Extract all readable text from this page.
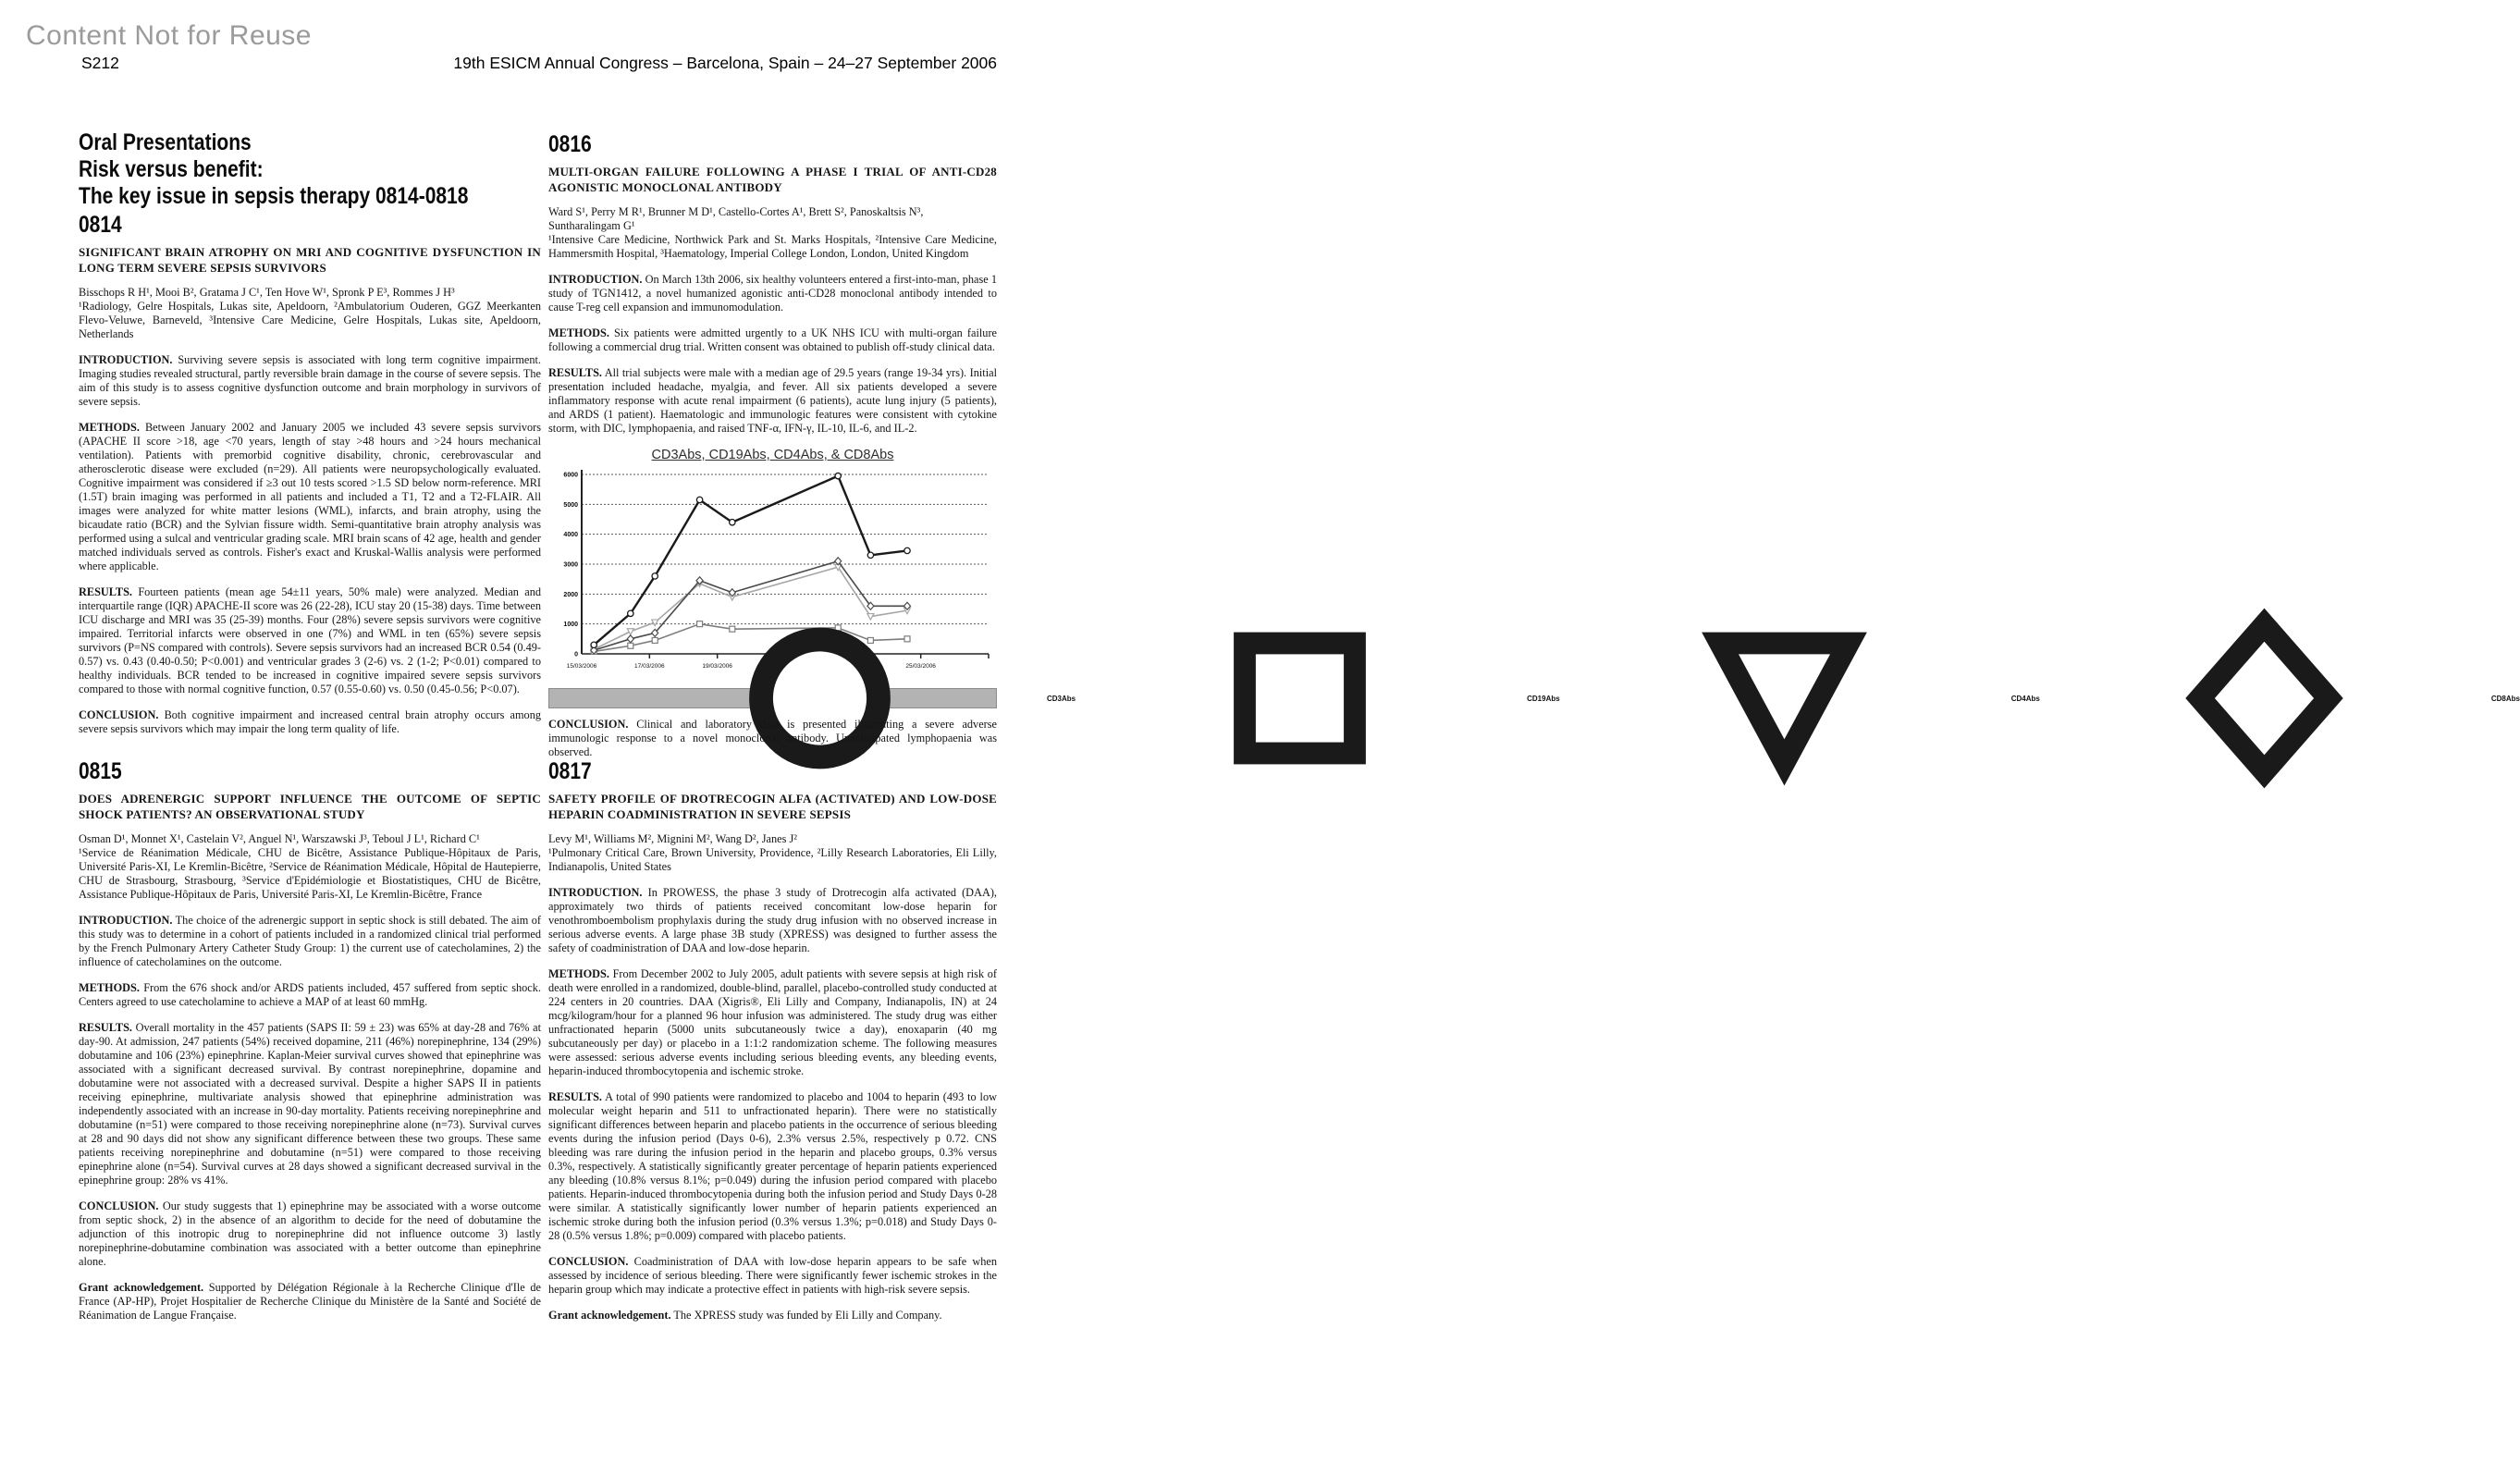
Content Not for Reuse
S212	19th ESICM Annual Congress – Barcelona, Spain – 24–27 September 2006
Oral Presentations
Risk versus benefit:
The key issue in sepsis therapy 0814-0818
0814
SIGNIFICANT BRAIN ATROPHY ON MRI AND COGNITIVE DYSFUNCTION IN LONG TERM SEVERE SEPSIS SURVIVORS

Bisschops R H¹, Mooi B², Gratama J C¹, Ten Hove W¹, Spronk P E³, Rommes J H³

¹Radiology, Gelre Hospitals, Lukas site, Apeldoorn, ²Ambulatorium Ouderen, GGZ Meerkanten Flevo-Veluwe, Barneveld, ³Intensive Care Medicine, Gelre Hospitals, Lukas site, Apeldoorn, Netherlands

INTRODUCTION. Surviving severe sepsis is associated with long term cognitive impairment. Imaging studies revealed structural, partly reversible brain damage in the course of severe sepsis. The aim of this study is to assess cognitive dysfunction outcome and brain morphology in survivors of severe sepsis.

METHODS. Between January 2002 and January 2005 we included 43 severe sepsis survivors (APACHE II score >18, age <70 years, length of stay >48 hours and >24 hours mechanical ventilation). Patients with premorbid cognitive disability, chronic, cerebrovascular and atherosclerotic disease were excluded (n=29). All patients were neuropsychologically evaluated. Cognitive impairment was considered if ≥3 out 10 tests scored >1.5 SD below norm-reference. MRI (1.5T) brain imaging was performed in all patients and included a T1, T2 and a T2-FLAIR. All images were analyzed for white matter lesions (WML), infarcts, and brain atrophy, using the bicaudate ratio (BCR) and the Sylvian fissure width. Semi-quantitative brain atrophy analysis was performed using a sulcal and ventricular grading scale. MRI brain scans of 42 age, health and gender matched individuals served as controls. Fisher's exact and Kruskal-Wallis analysis were performed where applicable.

RESULTS. Fourteen patients (mean age 54±11 years, 50% male) were analyzed. Median and interquartile range (IQR) APACHE-II score was 26 (22-28), ICU stay 20 (15-38) days. Time between ICU discharge and MRI was 35 (25-39) months. Four (28%) severe sepsis survivors were cognitive impaired. Territorial infarcts were observed in one (7%) and WML in ten (65%) severe sepsis survivors (P=NS compared with controls). Severe sepsis survivors had an increased BCR 0.54 (0.49-0.57) vs. 0.43 (0.40-0.50; P<0.001) and ventricular grades 3 (2-6) vs. 2 (1-2; P<0.01) compared to healthy individuals. BCR tended to be increased in cognitive impaired severe sepsis survivors compared to those with normal cognitive function, 0.57 (0.55-0.60) vs. 0.50 (0.45-0.56; P<0.07).

CONCLUSION. Both cognitive impairment and increased central brain atrophy occurs among severe sepsis survivors which may impair the long term quality of life.

0816
MULTI-ORGAN FAILURE FOLLOWING A PHASE I TRIAL OF ANTI-CD28 AGONISTIC MONOCLONAL ANTIBODY

Ward S¹, Perry M R¹, Brunner M D¹, Castello-Cortes A¹, Brett S², Panoskaltsis N³, Suntharalingam G¹

¹Intensive Care Medicine, Northwick Park and St. Marks Hospitals, ²Intensive Care Medicine, Hammersmith Hospital, ³Haematology, Imperial College London, London, United Kingdom

INTRODUCTION. On March 13th 2006, six healthy volunteers entered a first-into-man, phase 1 study of TGN1412, a novel humanized agonistic anti-CD28 monoclonal antibody intended to cause T-reg cell expansion and immunomodulation.

METHODS. Six patients were admitted urgently to a UK NHS ICU with multi-organ failure following a commercial drug trial. Written consent was obtained to publish off-study clinical data.

RESULTS. All trial subjects were male with a median age of 29.5 years (range 19-34 yrs). Initial presentation included headache, myalgia, and fever. All six patients developed a severe inflammatory response with acute renal impairment (6 patients), acute lung injury (5 patients), and ARDS (1 patient). Haematologic and immunologic features were consistent with cytokine storm, with DIC, lymphopaenia, and raised TNF-α, IFN-γ, IL-10, IL-6, and IL-2.

CD3Abs, CD19Abs, CD4Abs, & CD8Abs
0
1000
2000
3000
4000
5000
6000
15/03/2006	17/03/2006	19/03/2006	25/03/2006
CD3Abs	CD19Abs	CD4Abs	CD8Abs

CONCLUSION. Clinical and laboratory data is presented illustrating a severe adverse immunologic response to a novel monoclonal antibody. Unanticipated lymphopaenia was observed.

0815
DOES ADRENERGIC SUPPORT INFLUENCE THE OUTCOME OF SEPTIC SHOCK PATIENTS? AN OBSERVATIONAL STUDY

Osman D¹, Monnet X¹, Castelain V², Anguel N¹, Warszawski J³, Teboul J L¹, Richard C¹

¹Service de Réanimation Médicale, CHU de Bicêtre, Assistance Publique-Hôpitaux de Paris, Université Paris-XI, Le Kremlin-Bicêtre, ²Service de Réanimation Médicale, Hôpital de Hautepierre, CHU de Strasbourg, Strasbourg, ³Service d'Epidémiologie et Biostatistiques, CHU de Bicêtre, Assistance Publique-Hôpitaux de Paris, Université Paris-XI, Le Kremlin-Bicêtre, France

INTRODUCTION. The choice of the adrenergic support in septic shock is still debated. The aim of this study was to determine in a cohort of patients included in a randomized clinical trial performed by the French Pulmonary Artery Catheter Study Group: 1) the current use of catecholamines, 2) the influence of catecholamines on the outcome.

METHODS. From the 676 shock and/or ARDS patients included, 457 suffered from septic shock. Centers agreed to use catecholamine to achieve a MAP of at least 60 mmHg.

RESULTS. Overall mortality in the 457 patients (SAPS II: 59 ± 23) was 65% at day-28 and 76% at day-90. At admission, 247 patients (54%) received dopamine, 211 (46%) norepinephrine, 134 (29%) dobutamine and 106 (23%) epinephrine. Kaplan-Meier survival curves showed that epinephrine was associated with a significant decreased survival. By contrast norepinephrine, dopamine and dobutamine were not associated with a decreased survival. Despite a higher SAPS II in patients receiving epinephrine, multivariate analysis showed that epinephrine administration was independently associated with an increase in 90-day mortality. Patients receiving norepinephrine and dobutamine (n=51) were compared to those receiving norepinephrine alone (n=73). Survival curves at 28 and 90 days did not show any significant difference between these two groups. These same patients receiving norepinephrine and dobutamine (n=51) were compared to those receiving epinephrine alone (n=54). Survival curves at 28 days showed a significant decreased survival in the epinephrine group: 28% vs 41%.

CONCLUSION. Our study suggests that 1) epinephrine may be associated with a worse outcome from septic shock, 2) in the absence of an algorithm to decide for the need of dobutamine the adjunction of this inotropic drug to norepinephrine did not influence outcome 3) lastly norepinephrine-dobutamine combination was associated with a better outcome than epinephrine alone.

Grant acknowledgement. Supported by Délégation Régionale à la Recherche Clinique d'Ile de France (AP-HP), Projet Hospitalier de Recherche Clinique du Ministère de la Santé and Société de Réanimation de Langue Française.

0817
SAFETY PROFILE OF DROTRECOGIN ALFA (ACTIVATED) AND LOW-DOSE HEPARIN COADMINISTRATION IN SEVERE SEPSIS

Levy M¹, Williams M², Mignini M², Wang D², Janes J²

¹Pulmonary Critical Care, Brown University, Providence, ²Lilly Research Laboratories, Eli Lilly, Indianapolis, United States

INTRODUCTION. In PROWESS, the phase 3 study of Drotrecogin alfa activated (DAA), approximately two thirds of patients received concomitant low-dose heparin for venothromboembolism prophylaxis during the study drug infusion with no observed increase in serious adverse events. A large phase 3B study (XPRESS) was designed to further assess the safety of coadministration of DAA and low-dose heparin.

METHODS. From December 2002 to July 2005, adult patients with severe sepsis at high risk of death were enrolled in a randomized, double-blind, parallel, placebo-controlled study conducted at 224 centers in 20 countries. DAA (Xigris®, Eli Lilly and Company, Indianapolis, IN) at 24 mcg/kilogram/hour for a planned 96 hour infusion was administered. The study drug was either unfractionated heparin (5000 units subcutaneously twice a day), enoxaparin (40 mg subcutaneously per day) or placebo in a 1:1:2 randomization scheme. The following measures were assessed: serious adverse events including serious bleeding events, any bleeding events, heparin-induced thrombocytopenia and ischemic stroke.

RESULTS. A total of 990 patients were randomized to placebo and 1004 to heparin (493 to low molecular weight heparin and 511 to unfractionated heparin). There were no statistically significant differences between heparin and placebo patients in the occurrence of serious bleeding events during the infusion period (Days 0-6), 2.3% versus 2.5%, respectively p 0.72. CNS bleeding was rare during the infusion period in the heparin and placebo groups, 0.3% versus 0.3%, respectively. A statistically significantly greater percentage of heparin patients experienced any bleeding (10.8% versus 8.1%; p=0.049) during the infusion period compared with placebo patients. Heparin-induced thrombocytopenia during both the infusion period and Study Days 0-28 were similar. A statistically significantly lower number of heparin patients experienced an ischemic stroke during both the infusion period (0.3% versus 1.3%; p=0.018) and Study Days 0-28 (0.5% versus 1.8%; p=0.009) compared with placebo patients.

CONCLUSION. Coadministration of DAA with low-dose heparin appears to be safe when assessed by incidence of serious bleeding. There were significantly fewer ischemic strokes in the heparin group which may indicate a protective effect in patients with high-risk severe sepsis.

Grant acknowledgement. The XPRESS study was funded by Eli Lilly and Company.
